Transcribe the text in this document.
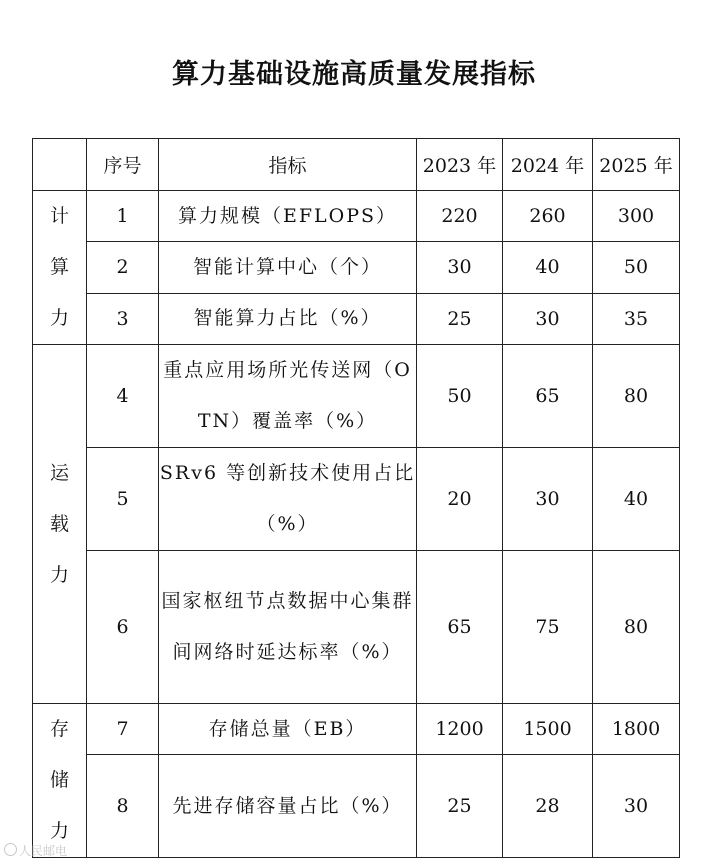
算力基础设施高质量发展指标
	序号	指标	2023 年	2024 年	2025 年

计
算
力	1	算力规模（EFLOPS）	220	260	300
	2	智能计算中心（个）	30	40	50
	3	智能算力占比（%）	25	30	35

运
载
力	4	重点应用场所光传送网（OTN）覆盖率（%）	50	65	80
	5	SRv6 等创新技术使用占比（%）	20	30	40
	6	国家枢纽节点数据中心集群间网络时延达标率（%）	65	75	80

存
储
力	7	存储总量（EB）	1200	1500	1800
	8	先进存储容量占比（%）	25	28	30
人民邮电
